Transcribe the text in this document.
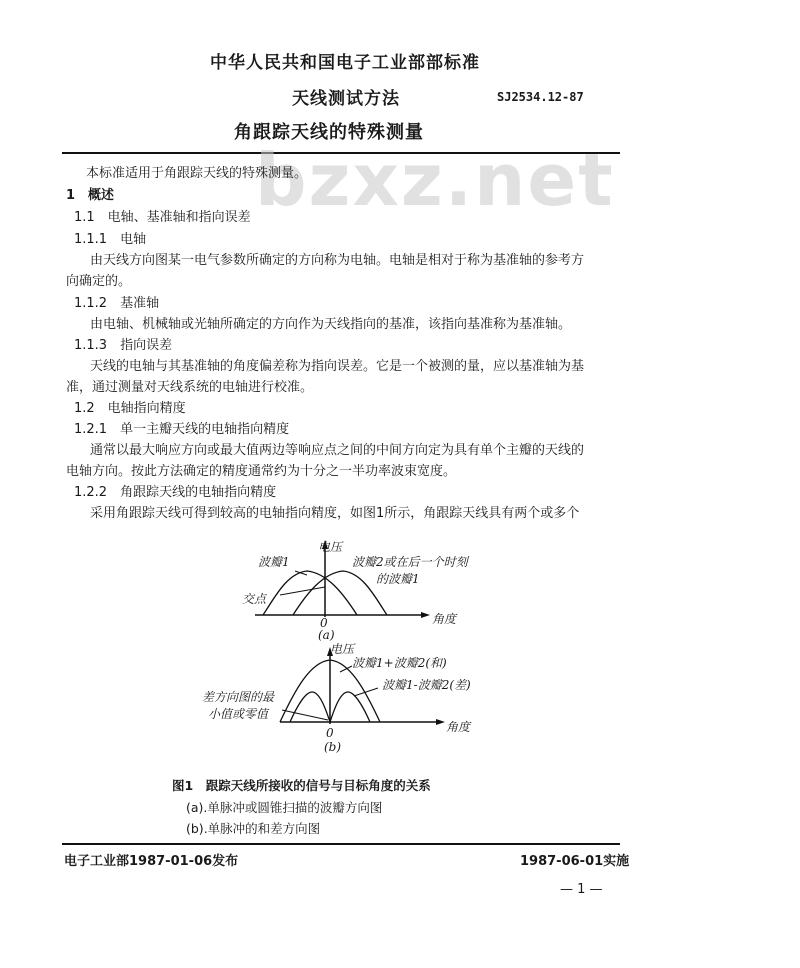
中华人民共和国电子工业部部标准
天线测试方法	SJ2534.12-87
角跟踪天线的特殊测量
bzxz.net
本标准适用于角跟踪天线的特殊测量。
1　概述
1.1　电轴、基准轴和指向误差
1.1.1　电轴
由天线方向图某一电气参数所确定的方向称为电轴。电轴是相对于称为基准轴的参考方
向确定的。
1.1.2　基准轴
由电轴、机械轴或光轴所确定的方向作为天线指向的基准，该指向基准称为基准轴。
1.1.3　指向误差
天线的电轴与其基准轴的角度偏差称为指向误差。它是一个被测的量，应以基准轴为基
准，通过测量对天线系统的电轴进行校准。
1.2　电轴指向精度
1.2.1　单一主瓣天线的电轴指向精度
通常以最大响应方向或最大值两边等响应点之间的中间方向定为具有单个主瓣的天线的
电轴方向。按此方法确定的精度通常约为十分之一半功率波束宽度。
1.2.2　角跟踪天线的电轴指向精度
采用角跟踪天线可得到较高的电轴指向精度，如图1所示，角跟踪天线具有两个或多个
电压
波瓣1	波瓣2或在后一个时刻
的波瓣1
交点
0	角度
(a)
电压
波瓣1+波瓣2(和)
波瓣1-波瓣2(差)
差方向图的最
小值或零值
0	角度
(b)
图1　跟踪天线所接收的信号与目标角度的关系
(a).单脉冲或圆锥扫描的波瓣方向图
(b).单脉冲的和差方向图
电子工业部1987-01-06发布	1987-06-01实施
— 1 —
